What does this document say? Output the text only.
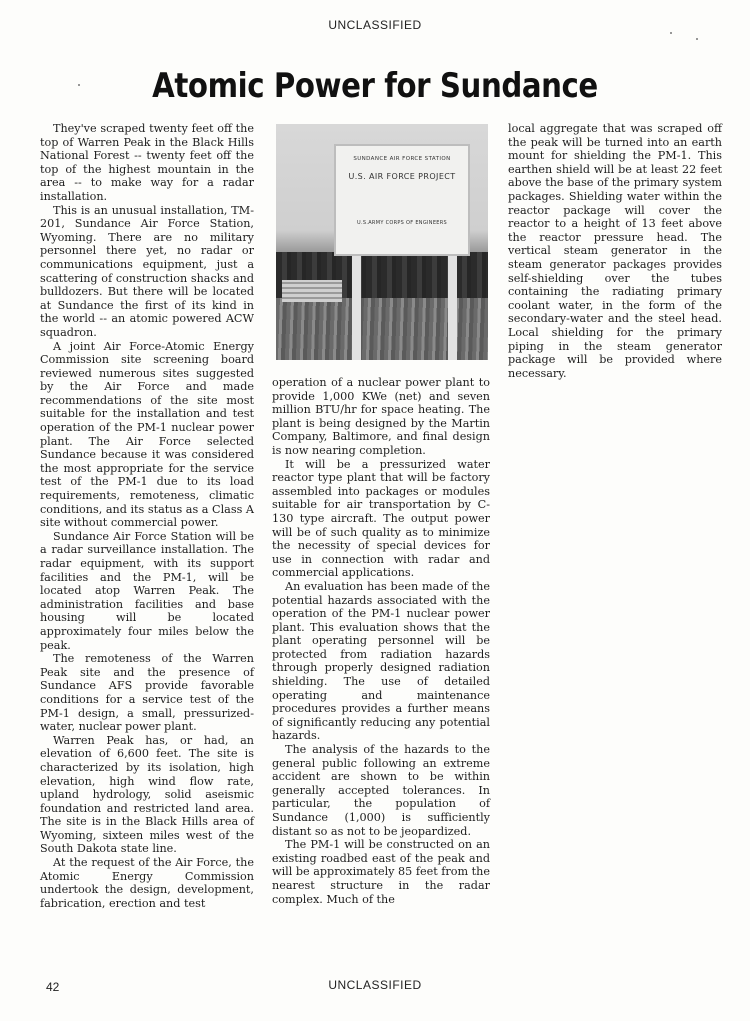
UNCLASSIFIED
Atomic Power for Sundance

They've scraped twenty feet off the top of Warren Peak in the Black Hills National Forest -- twenty feet off the top of the highest mountain in the area -- to make way for a radar installation.

This is an unusual installation, TM-201, Sundance Air Force Station, Wyoming. There are no military personnel there yet, no radar or communications equipment, just a scattering of construction shacks and bulldozers. But there will be located at Sundance the first of its kind in the world -- an atomic powered ACW squadron.

A joint Air Force-Atomic Energy Commission site screening board reviewed numerous sites suggested by the Air Force and made recommendations of the site most suitable for the installation and test operation of the PM-1 nuclear power plant. The Air Force selected Sundance because it was considered the most appropriate for the service test of the PM-1 due to its load requirements, remoteness, climatic conditions, and its status as a Class A site without commercial power.

Sundance Air Force Station will be a radar surveillance installation. The radar equipment, with its support facilities and the PM-1, will be located atop Warren Peak. The administration facilities and base housing will be located approximately four miles below the peak.

The remoteness of the Warren Peak site and the presence of Sundance AFS provide favorable conditions for a service test of the PM-1 design, a small, pressurized-water, nuclear power plant.

Warren Peak has, or had, an elevation of 6,600 feet. The site is characterized by its isolation, high elevation, high wind flow rate, upland hydrology, solid aseismic foundation and restricted land area. The site is in the Black Hills area of Wyoming, sixteen miles west of the South Dakota state line.

At the request of the Air Force, the Atomic Energy Commission undertook the design, development, fabrication, erection and test

SUNDANCE AIR FORCE STATION
U.S. AIR FORCE PROJECT
U.S.ARMY CORPS OF ENGINEERS

operation of a nuclear power plant to provide 1,000 KWe (net) and seven million BTU/hr for space heating. The plant is being designed by the Martin Company, Baltimore, and final design is now nearing completion.

It will be a pressurized water reactor type plant that will be factory assembled into packages or modules suitable for air transportation by C-130 type aircraft. The output power will be of such quality as to minimize the necessity of special devices for use in connection with radar and commercial applications.

An evaluation has been made of the potential hazards associated with the operation of the PM-1 nuclear power plant. This evaluation shows that the plant operating personnel will be protected from radiation hazards through properly designed radiation shielding. The use of detailed operating and maintenance procedures provides a further means of significantly reducing any potential hazards.

The analysis of the hazards to the general public following an extreme accident are shown to be within generally accepted tolerances. In particular, the population of Sundance (1,000) is sufficiently distant so as not to be jeopardized.

The PM-1 will be constructed on an existing roadbed east of the peak and will be approximately 85 feet from the nearest structure in the radar complex. Much of the

local aggregate that was scraped off the peak will be turned into an earth mount for shielding the PM-1. This earthen shield will be at least 22 feet above the base of the primary system packages. Shielding water within the reactor package will cover the reactor to a height of 13 feet above the reactor pressure head. The vertical steam generator in the steam generator packages provides self-shielding over the tubes containing the radiating primary coolant water, in the form of the secondary-water and the steel head. Local shielding for the primary piping in the steam generator package will be provided where necessary.

42	UNCLASSIFIED
